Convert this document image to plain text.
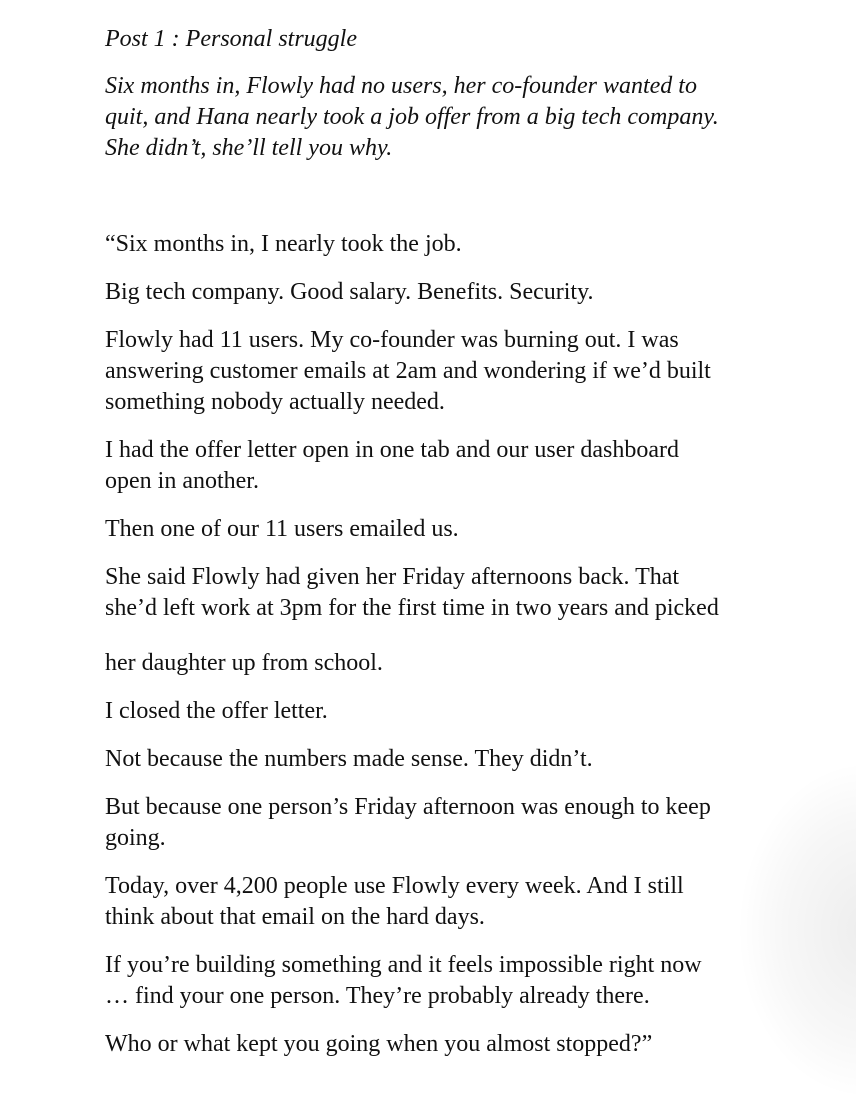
Post 1 : Personal struggle

Six months in, Flowly had no users, her co-founder wanted to
quit, and Hana nearly took a job offer from a big tech company.
She didn’t, she’ll tell you why.

“Six months in, I nearly took the job.

Big tech company. Good salary. Benefits. Security.

Flowly had 11 users. My co-founder was burning out. I was
answering customer emails at 2am and wondering if we’d built
something nobody actually needed.

I had the offer letter open in one tab and our user dashboard
open in another.

Then one of our 11 users emailed us.

She said Flowly had given her Friday afternoons back. That
she’d left work at 3pm for the first time in two years and picked

her daughter up from school.

I closed the offer letter.

Not because the numbers made sense. They didn’t.

But because one person’s Friday afternoon was enough to keep
going.

Today, over 4,200 people use Flowly every week. And I still
think about that email on the hard days.

If you’re building something and it feels impossible right now
… find your one person. They’re probably already there.

Who or what kept you going when you almost stopped?”
